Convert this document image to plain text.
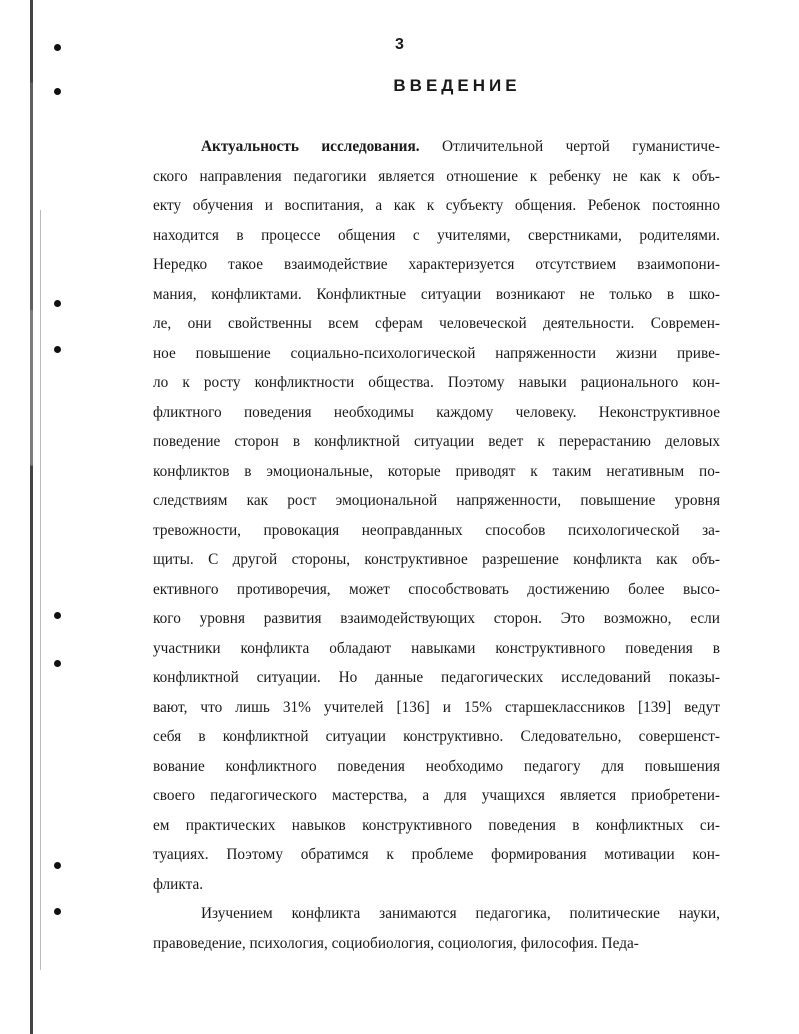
3
ВВЕДЕНИЕ
Актуальность исследования. Отличительной чертой гуманистиче-
ского направления педагогики является отношение к ребенку не как к объ-
екту обучения и воспитания, а как к субъекту общения. Ребенок постоянно
находится в процессе общения с учителями, сверстниками, родителями.
Нередко такое взаимодействие характеризуется отсутствием взаимопони-
мания, конфликтами. Конфликтные ситуации возникают не только в шко-
ле, они свойственны всем сферам человеческой деятельности. Современ-
ное повышение социально-психологической напряженности жизни приве-
ло к росту конфликтности общества. Поэтому навыки рационального кон-
фликтного поведения необходимы каждому человеку. Неконструктивное
поведение сторон в конфликтной ситуации ведет к перерастанию деловых
конфликтов в эмоциональные, которые приводят к таким негативным по-
следствиям как рост эмоциональной напряженности, повышение уровня
тревожности, провокация неоправданных способов психологической за-
щиты. С другой стороны, конструктивное разрешение конфликта как объ-
ективного противоречия, может способствовать достижению более высо-
кого уровня развития взаимодействующих сторон. Это возможно, если
участники конфликта обладают навыками конструктивного поведения в
конфликтной ситуации. Но данные педагогических исследований показы-
вают, что лишь 31% учителей [136] и 15% старшеклассников [139] ведут
себя в конфликтной ситуации конструктивно. Следовательно, совершенст-
вование конфликтного поведения необходимо педагогу для повышения
своего педагогического мастерства, а для учащихся является приобретени-
ем практических навыков конструктивного поведения в конфликтных си-
туациях. Поэтому обратимся к проблеме формирования мотивации кон-
фликта.
Изучением конфликта занимаются педагогика, политические науки,
правоведение, психология, социобиология, социология, философия. Педа-
